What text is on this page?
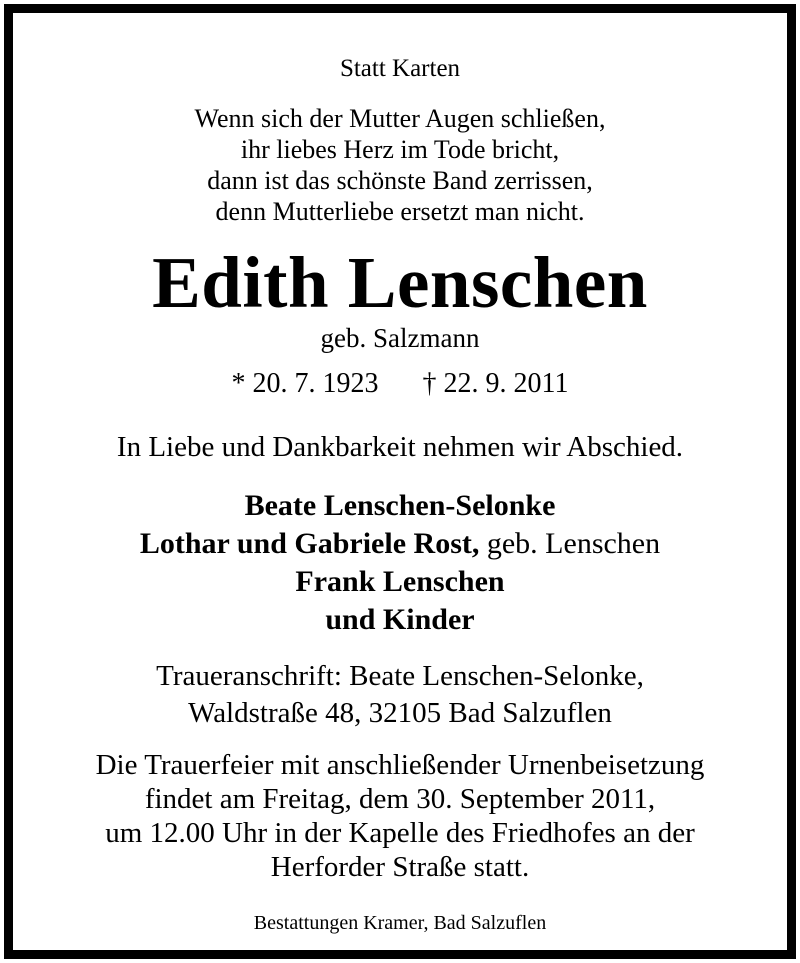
Statt Karten
Wenn sich der Mutter Augen schließen,
ihr liebes Herz im Tode bricht,
dann ist das schönste Band zerrissen,
denn Mutterliebe ersetzt man nicht.
Edith Lenschen
geb. Salzmann
* 20. 7. 1923 † 22. 9. 2011
In Liebe und Dankbarkeit nehmen wir Abschied.
Beate Lenschen-Selonke
Lothar und Gabriele Rost, geb. Lenschen
Frank Lenschen
und Kinder
Traueranschrift: Beate Lenschen-Selonke,
Waldstraße 48, 32105 Bad Salzuflen
Die Trauerfeier mit anschließender Urnenbeisetzung
findet am Freitag, dem 30. September 2011,
um 12.00 Uhr in der Kapelle des Friedhofes an der
Herforder Straße statt.
Bestattungen Kramer, Bad Salzuflen
